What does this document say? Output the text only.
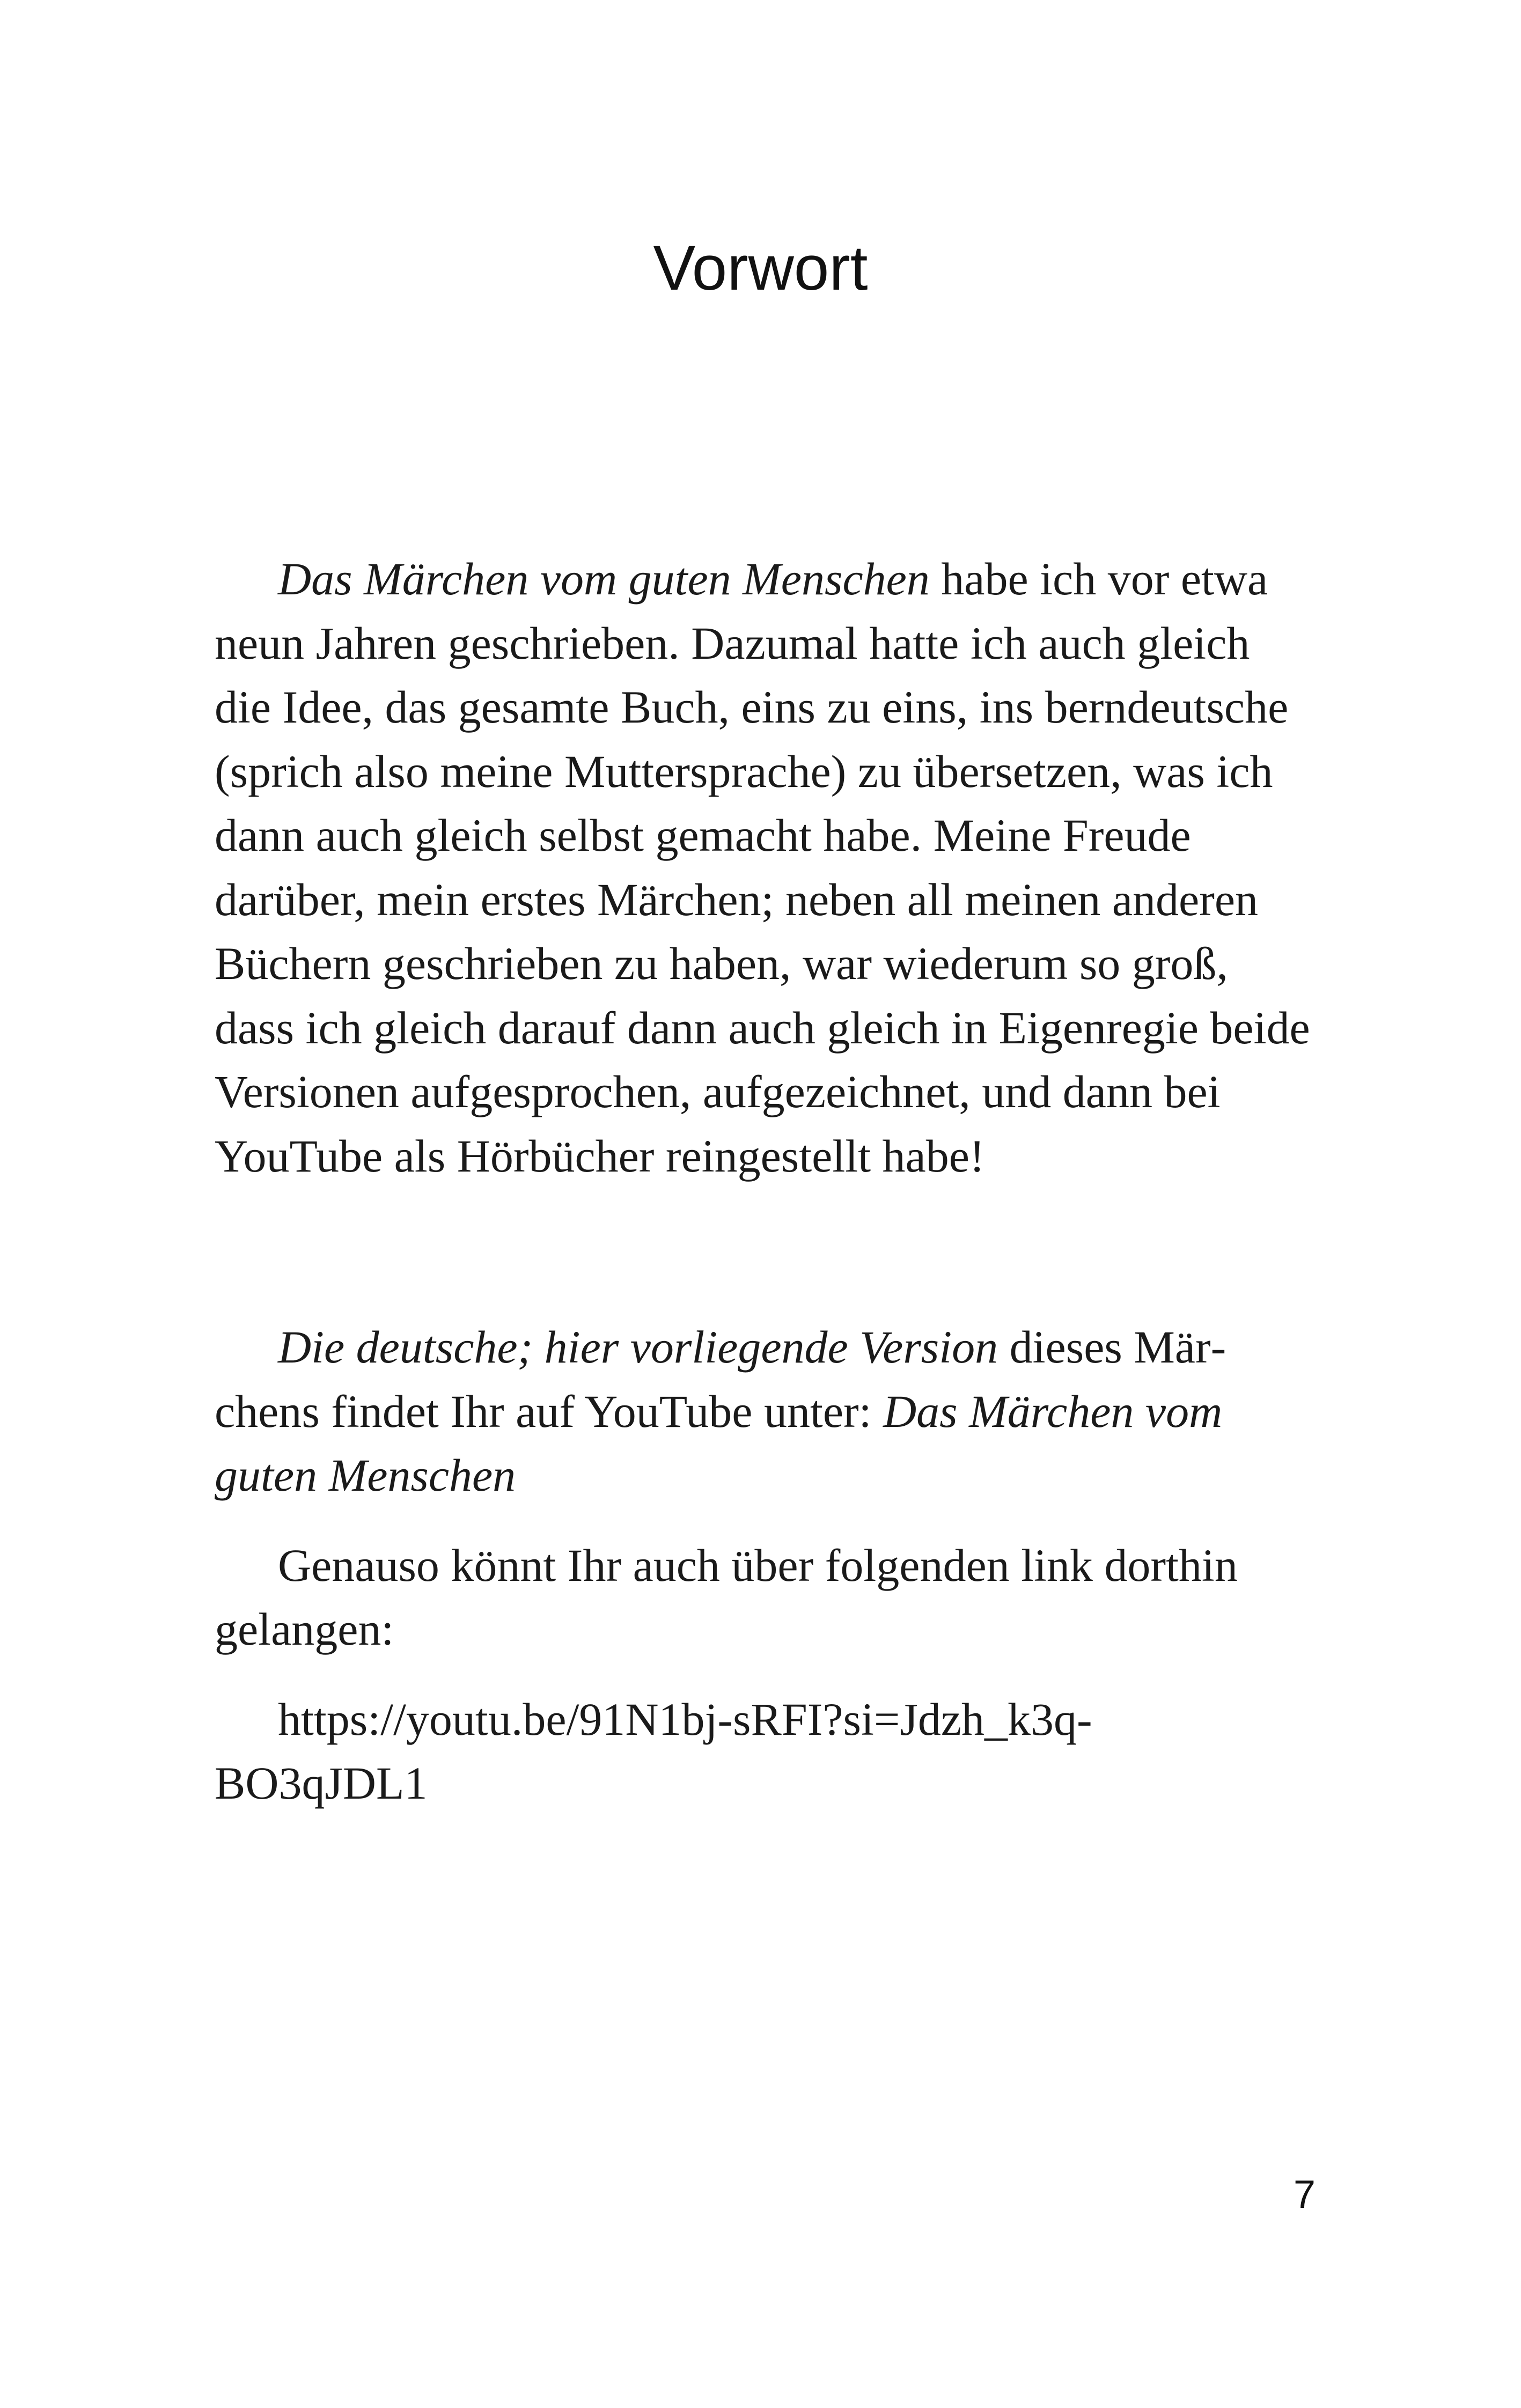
Vorwort

Das Märchen vom guten Menschen habe ich vor etwa neun Jahren geschrieben. Dazumal hatte ich auch gleich die Idee, das gesamte Buch, eins zu eins, ins berndeutsche (sprich also meine Muttersprache) zu übersetzen, was ich dann auch gleich selbst gemacht habe. Meine Freude darüber, mein erstes Märchen; neben all meinen anderen Büchern geschrieben zu haben, war wiederum so groß, dass ich gleich darauf dann auch gleich in Eigenregie beide Versionen aufgesprochen, aufgezeichnet, und dann bei YouTube als Hörbücher reingestellt habe!

Die deutsche; hier vorliegende Version dieses Märchens findet Ihr auf YouTube unter: Das Märchen vom guten Menschen

Genauso könnt Ihr auch über folgenden link dorthin gelangen:

https://youtu.be/91N1bj-sRFI?si=Jdzh_k3q-
BO3qJDL1

7
